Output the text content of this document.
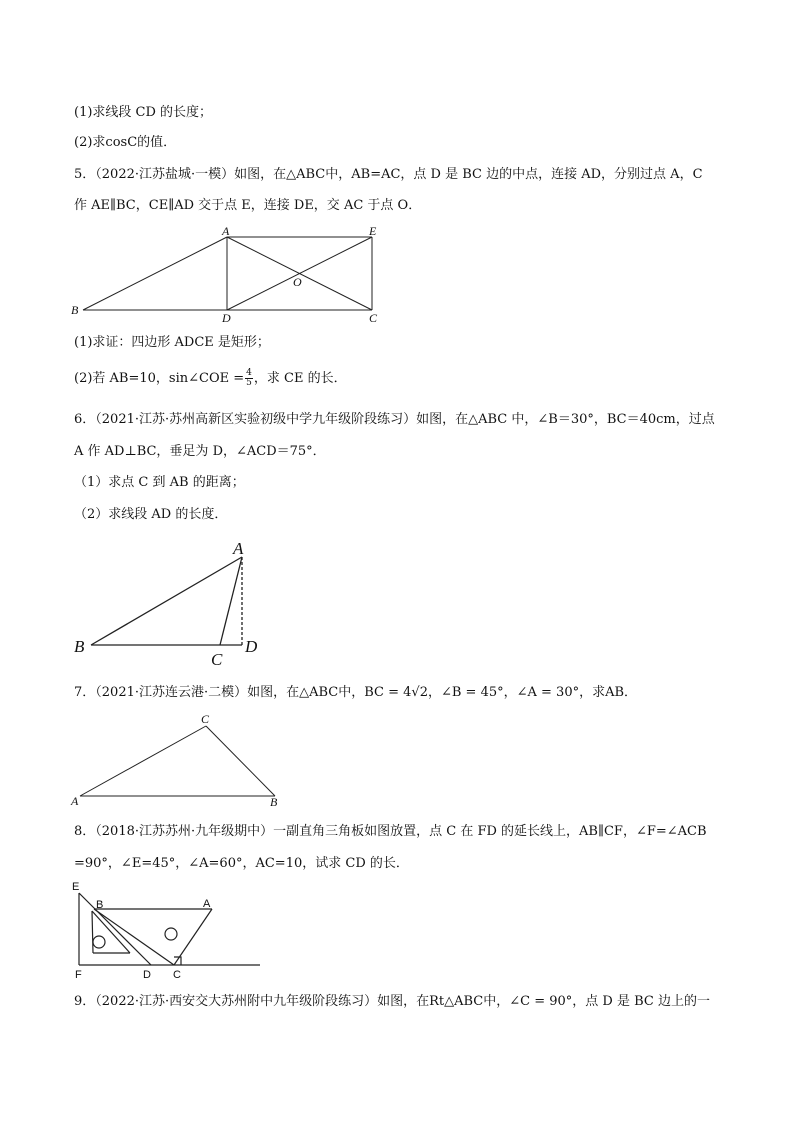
(1)求线段 CD 的长度；
(2)求cosC的值．
5．（2022·江苏盐城·一模）如图，在△ABC中，AB=AC，点 D 是 BC 边的中点，连接 AD，分别过点 A，C
作 AE∥BC，CE∥AD 交于点 E，连接 DE，交 AC 于点 O．
A	E
O
B
D	C
(1)求证：四边形 ADCE 是矩形；
(2)若 AB=10，sin∠COE = $\frac{4}{5}$ ，求 CE 的长．
6．（2021·江苏·苏州高新区实验初级中学九年级阶段练习）如图，在△ABC 中，∠B＝30°，BC＝40cm，过点
A 作 AD⊥BC，垂足为 D，∠ACD＝75°．
（1）求点 C 到 AB 的距离；
（2）求线段 AD 的长度．
A
B
C
D
7．（2021·江苏连云港·二模）如图，在△ABC中，BC = 4√2，∠B = 45°，∠A = 30°，求AB．
C
A	B
8．（2018·江苏苏州·九年级期中）一副直角三角板如图放置，点 C 在 FD 的延长线上，AB∥CF，∠F=∠ACB
=90°，∠E=45°，∠A=60°，AC=10，试求 CD 的长．
E
B	A
F	D C
9．（2022·江苏·西安交大苏州附中九年级阶段练习）如图，在Rt△ABC中，∠C = 90°，点 D 是 BC 边上的一
